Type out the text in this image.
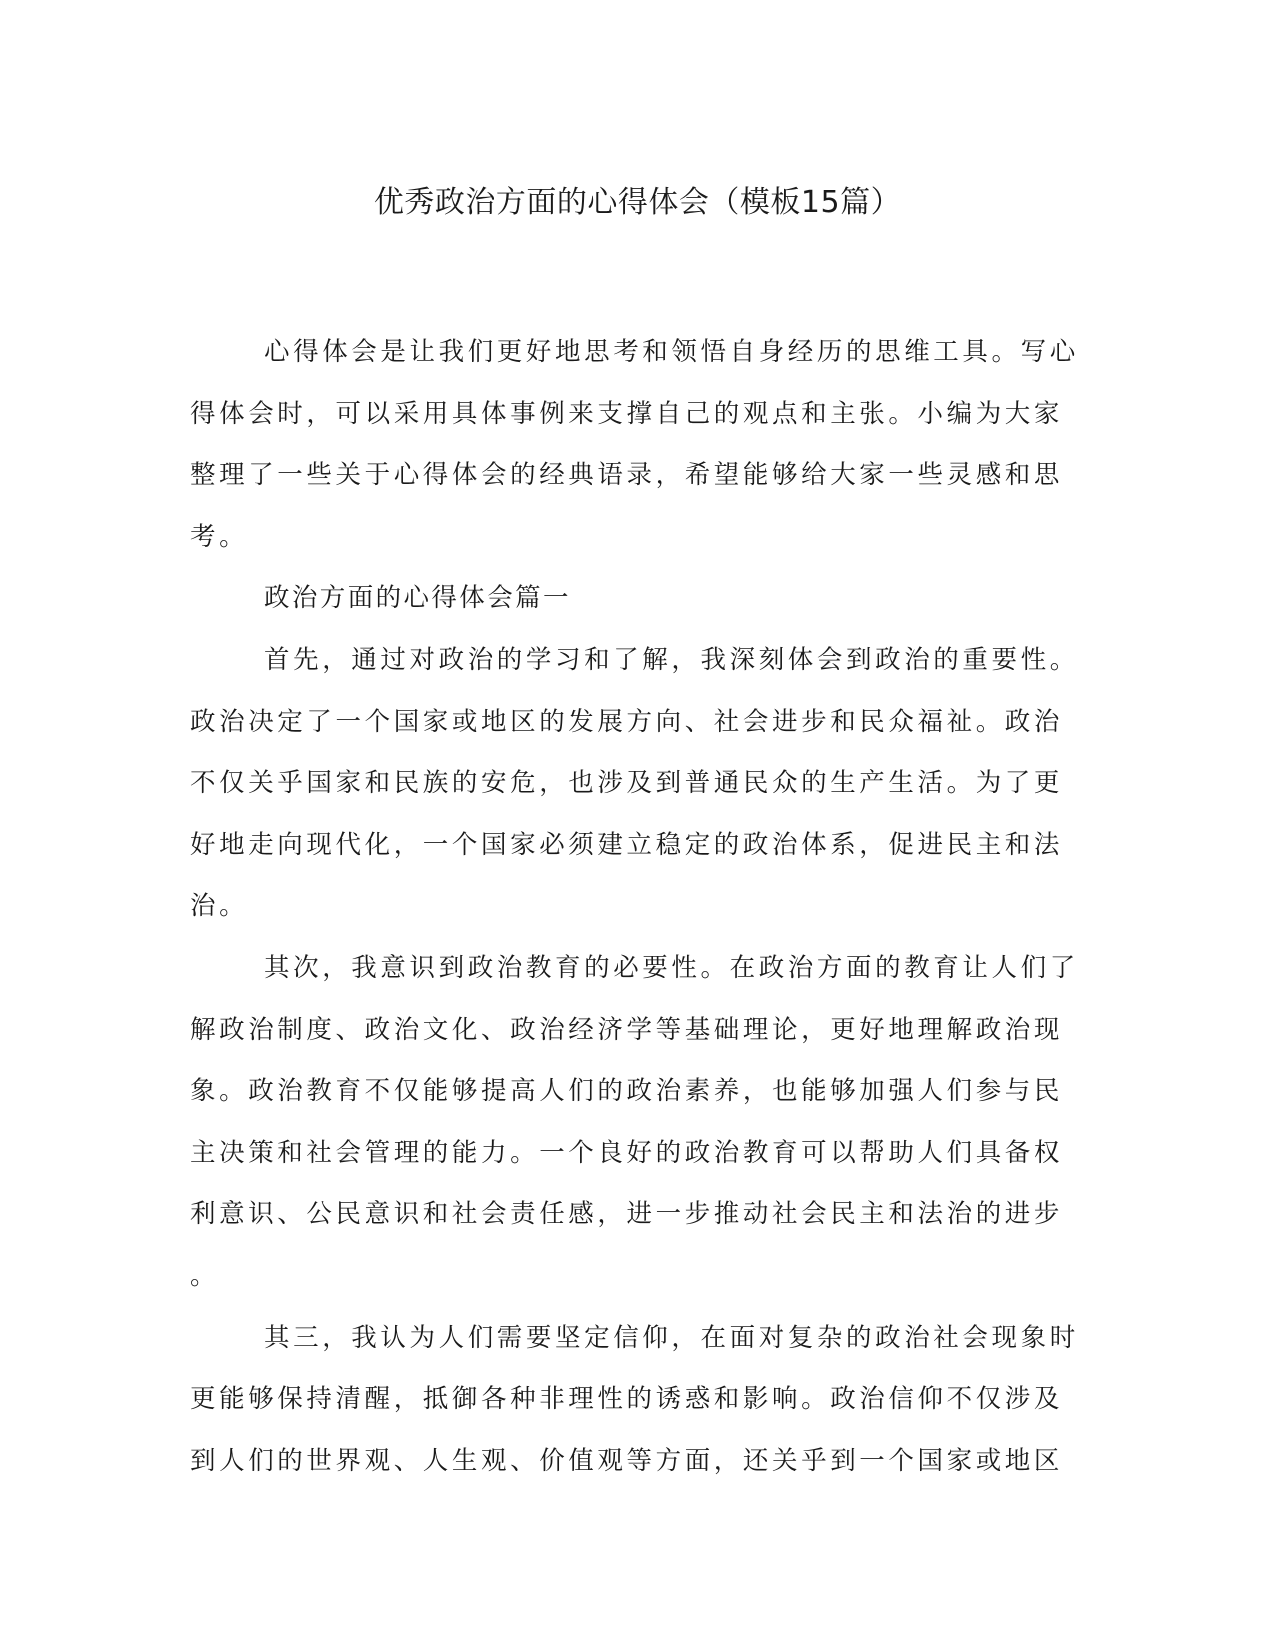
优秀政治方面的心得体会（模板15篇）

心得体会是让我们更好地思考和领悟自身经历的思维工具。写心
得体会时，可以采用具体事例来支撑自己的观点和主张。小编为大家
整理了一些关于心得体会的经典语录，希望能够给大家一些灵感和思
考。

政治方面的心得体会篇一

首先，通过对政治的学习和了解，我深刻体会到政治的重要性。
政治决定了一个国家或地区的发展方向、社会进步和民众福祉。政治
不仅关乎国家和民族的安危，也涉及到普通民众的生产生活。为了更
好地走向现代化，一个国家必须建立稳定的政治体系，促进民主和法
治。

其次，我意识到政治教育的必要性。在政治方面的教育让人们了
解政治制度、政治文化、政治经济学等基础理论，更好地理解政治现
象。政治教育不仅能够提高人们的政治素养，也能够加强人们参与民
主决策和社会管理的能力。一个良好的政治教育可以帮助人们具备权
利意识、公民意识和社会责任感，进一步推动社会民主和法治的进步
。

其三，我认为人们需要坚定信仰，在面对复杂的政治社会现象时
更能够保持清醒，抵御各种非理性的诱惑和影响。政治信仰不仅涉及
到人们的世界观、人生观、价值观等方面，还关乎到一个国家或地区
